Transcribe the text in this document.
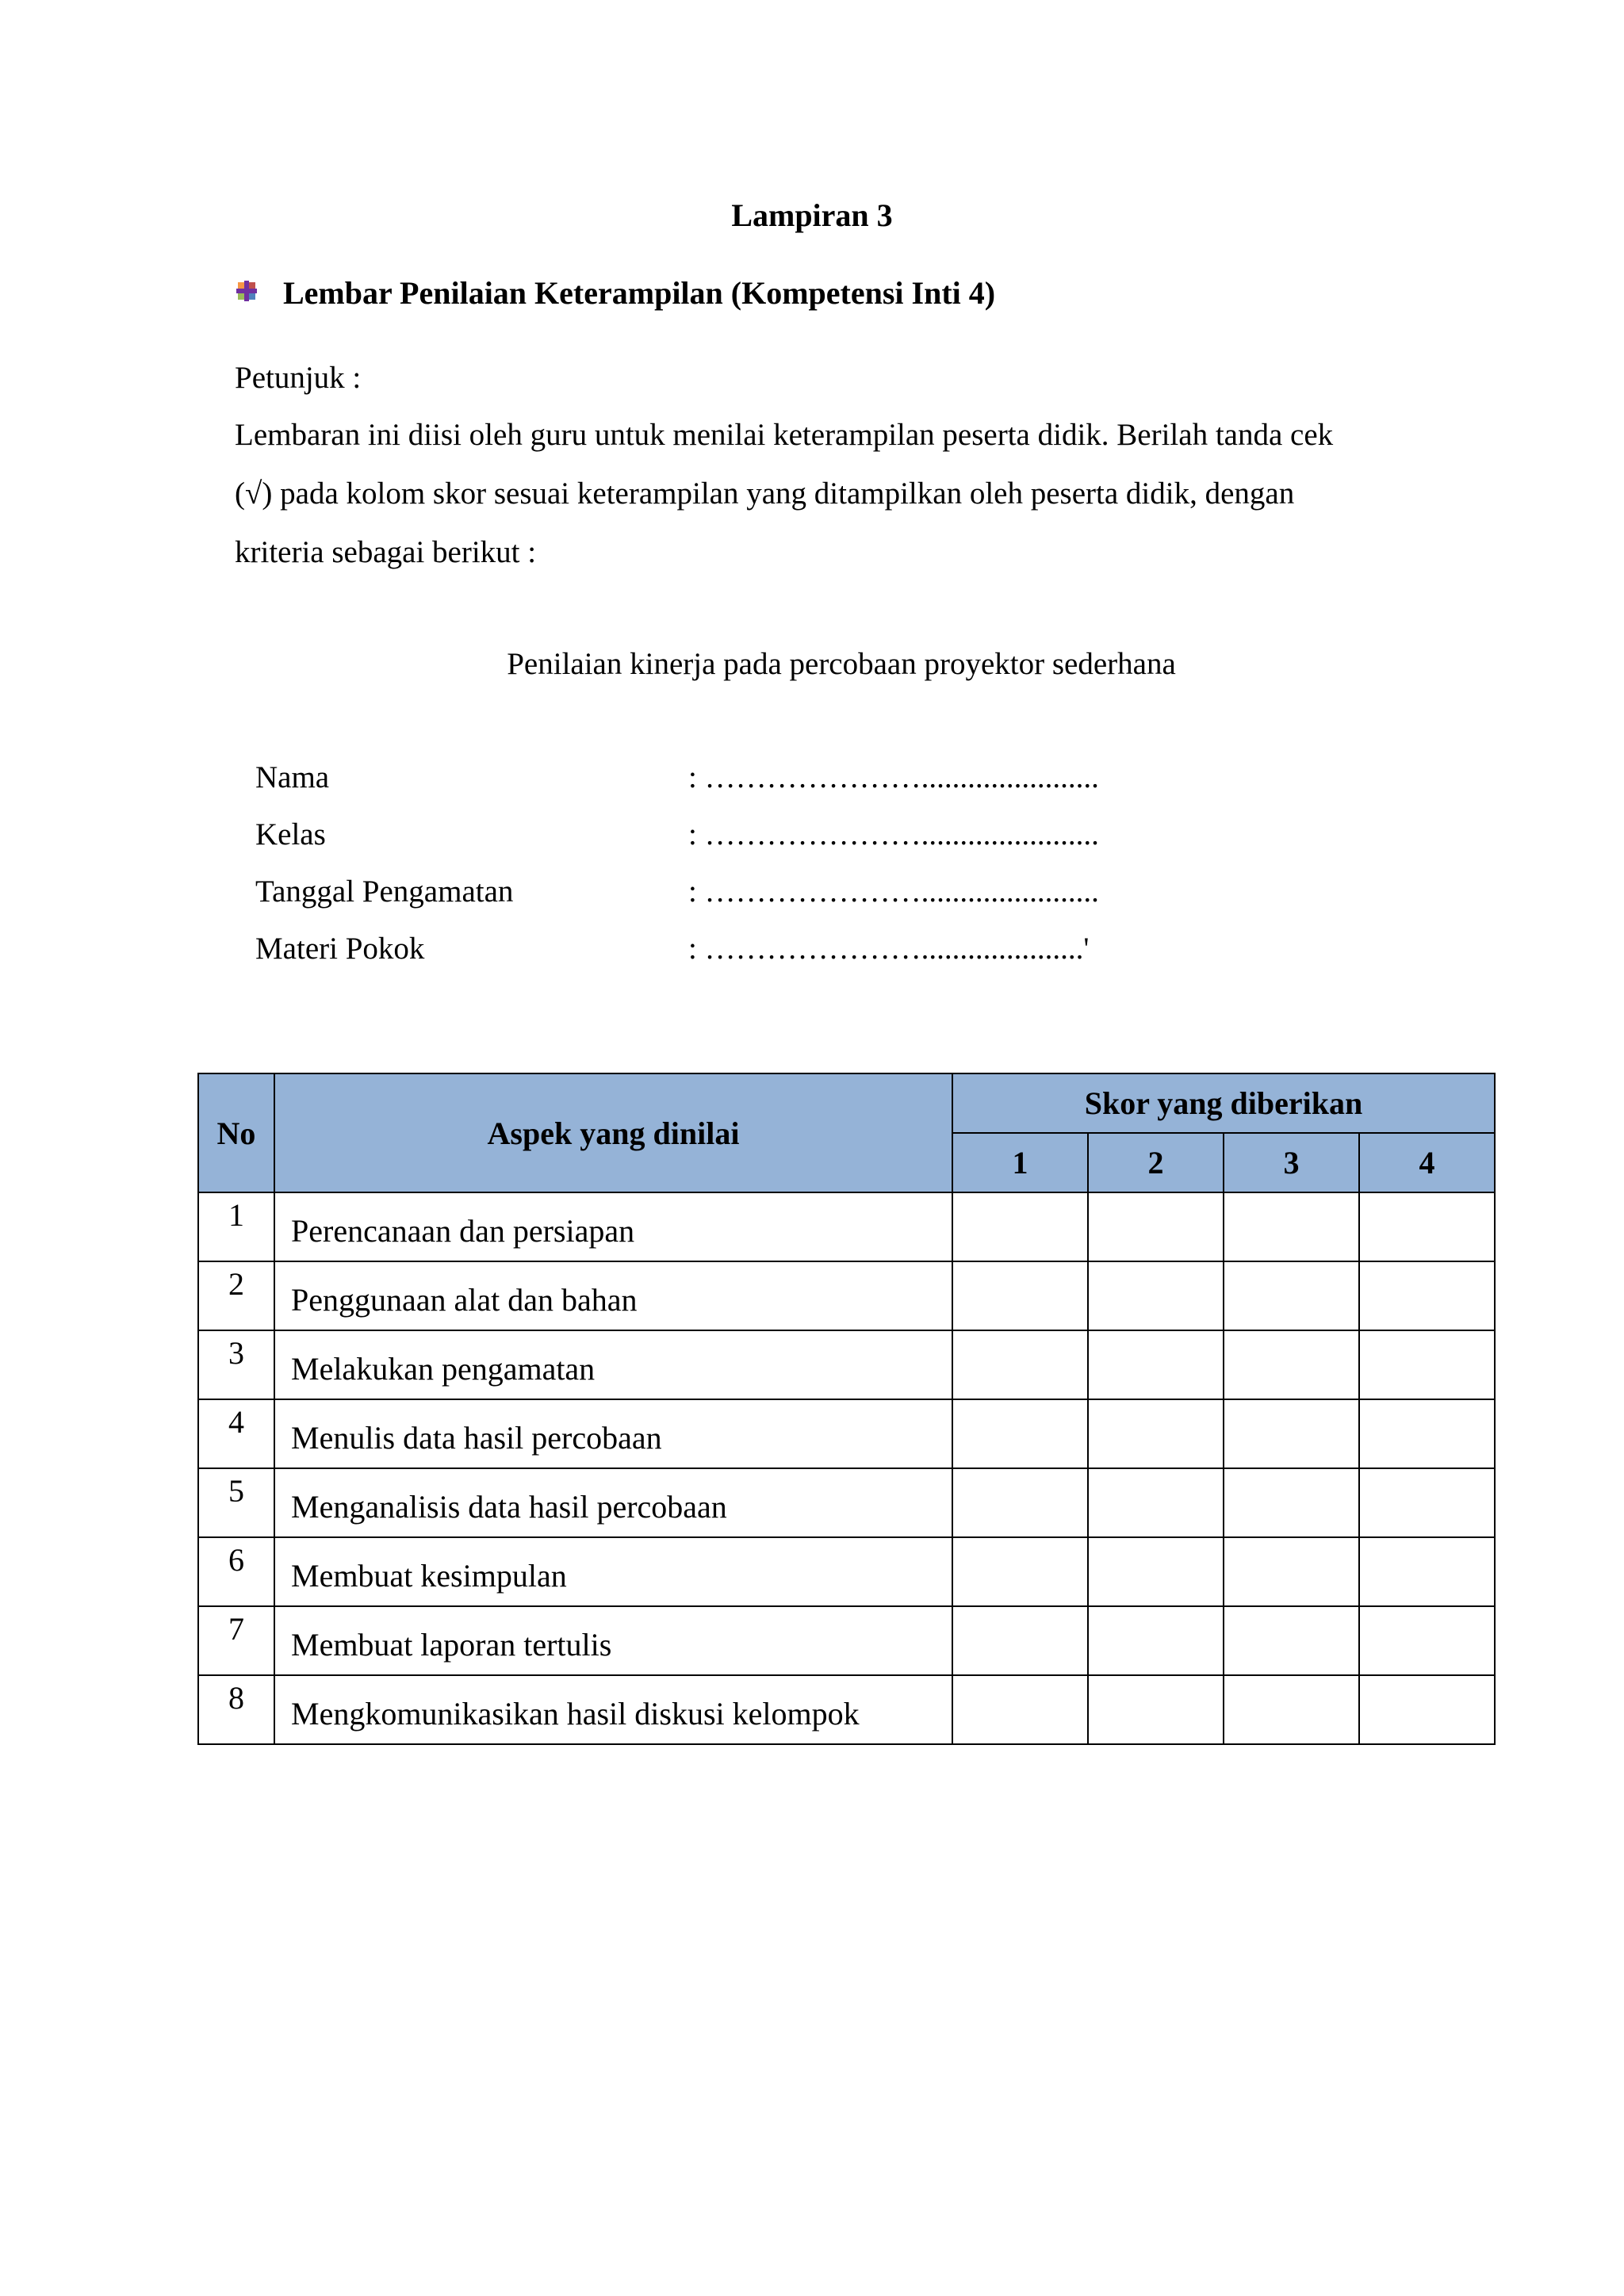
Lampiran 3
Lembar Penilaian Keterampilan (Kompetensi Inti 4)
Petunjuk :
Lembaran ini diisi oleh guru untuk menilai keterampilan peserta didik. Berilah tanda cek
(√) pada kolom skor sesuai keterampilan yang ditampilkan oleh peserta didik, dengan
kriteria sebagai berikut :
Penilaian kinerja pada percobaan proyektor sederhana
Nama	: ………………….......................
Kelas	: ………………….......................
Tanggal Pengamatan	: ………………….......................
Materi Pokok	: ………………….....................'
No	Aspek yang dinilai	Skor yang diberikan			
		1	2	3	4
1	Perencanaan dan persiapan				
2	Penggunaan alat dan bahan				
3	Melakukan pengamatan				
4	Menulis data hasil percobaan				
5	Menganalisis data hasil percobaan				
6	Membuat kesimpulan				
7	Membuat laporan tertulis				
8	Mengkomunikasikan hasil diskusi kelompok				
